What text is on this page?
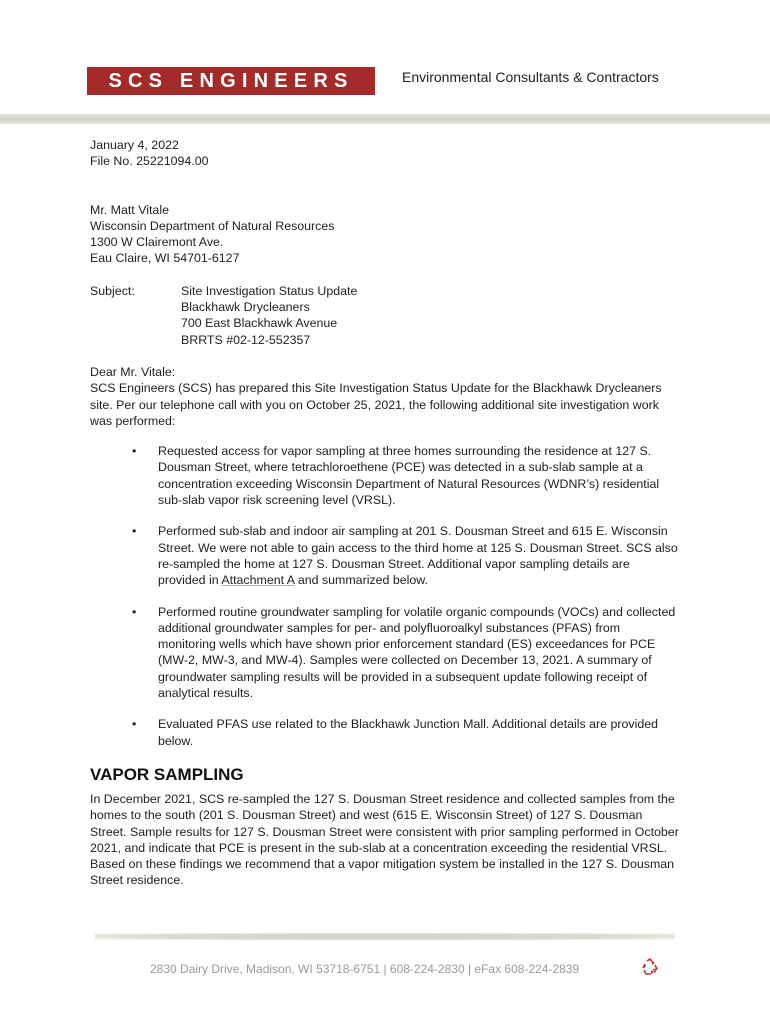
SCS ENGINEERS	Environmental Consultants & Contractors

January 4, 2022

File No. 25221094.00

Mr. Matt Vitale

Wisconsin Department of Natural Resources

1300 W Clairemont Ave.

Eau Claire, WI 54701-6127

Subject:	Site Investigation Status Update

Blackhawk Drycleaners

700 East Blackhawk Avenue

BRRTS #02-12-552357

Dear Mr. Vitale:

SCS Engineers (SCS) has prepared this Site Investigation Status Update for the Blackhawk Drycleaners site. Per our telephone call with you on October 25, 2021, the following additional site investigation work was performed:

• Requested access for vapor sampling at three homes surrounding the residence at 127 S. Dousman Street, where tetrachloroethene (PCE) was detected in a sub-slab sample at a concentration exceeding Wisconsin Department of Natural Resources (WDNR’s) residential sub-slab vapor risk screening level (VRSL).
• Performed sub-slab and indoor air sampling at 201 S. Dousman Street and 615 E. Wisconsin Street. We were not able to gain access to the third home at 125 S. Dousman Street. SCS also re-sampled the home at 127 S. Dousman Street. Additional vapor sampling details are provided in Attachment A and summarized below.
• Performed routine groundwater sampling for volatile organic compounds (VOCs) and collected additional groundwater samples for per- and polyfluoroalkyl substances (PFAS) from monitoring wells which have shown prior enforcement standard (ES) exceedances for PCE (MW-2, MW-3, and MW-4). Samples were collected on December 13, 2021. A summary of groundwater sampling results will be provided in a subsequent update following receipt of analytical results.
• Evaluated PFAS use related to the Blackhawk Junction Mall. Additional details are provided below.
VAPOR SAMPLING

In December 2021, SCS re-sampled the 127 S. Dousman Street residence and collected samples from the homes to the south (201 S. Dousman Street) and west (615 E. Wisconsin Street) of 127 S. Dousman Street. Sample results for 127 S. Dousman Street were consistent with prior sampling performed in October 2021, and indicate that PCE is present in the sub-slab at a concentration exceeding the residential VRSL. Based on these findings we recommend that a vapor mitigation system be installed in the 127 S. Dousman Street residence.

2830 Dairy Drive, Madison, WI 53718-6751 | 608-224-2830 | eFax 608-224-2839
